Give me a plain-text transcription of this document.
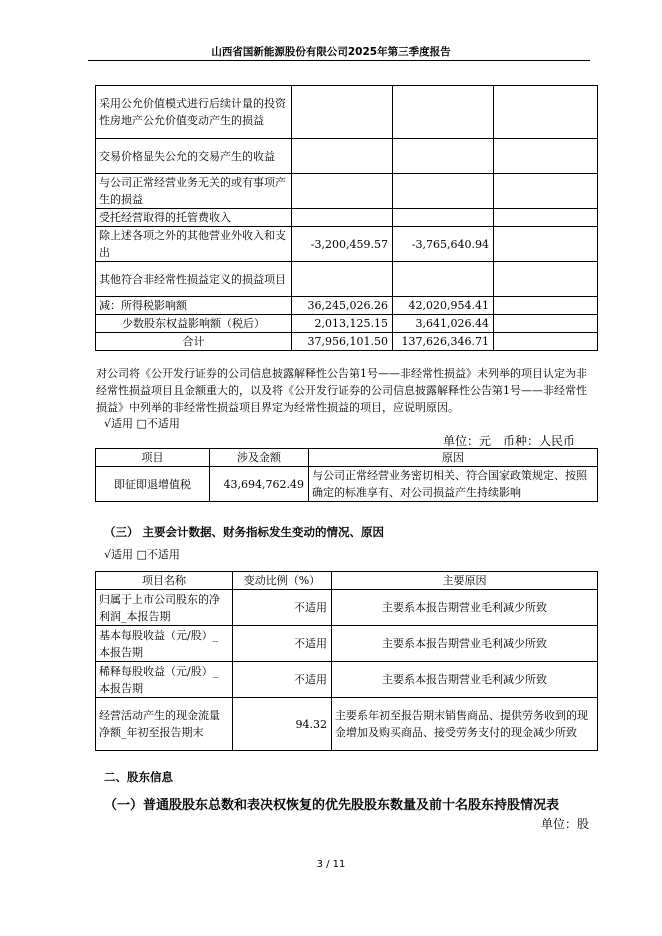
山西省国新能源股份有限公司2025年第三季度报告
采用公允价值模式进行后续计量的投资性房地产公允价值变动产生的损益			
交易价格显失公允的交易产生的收益			
与公司正常经营业务无关的或有事项产生的损益			
受托经营取得的托管费收入			
除上述各项之外的其他营业外收入和支出	-3,200,459.57	-3,765,640.94	
其他符合非经常性损益定义的损益项目			
减：所得税影响额	36,245,026.26	42,020,954.41	
少数股东权益影响额（税后）	2,013,125.15	3,641,026.44	
合计	37,956,101.50	137,626,346.71	
对公司将《公开发行证券的公司信息披露解释性公告第1号——非经常性损益》未列举的项目认定为非经常性损益项目且金额重大的，以及将《公开发行证券的公司信息披露解释性公告第1号——非经常性损益》中列举的非经常性损益项目界定为经常性损益的项目，应说明原因。
√适用 □不适用
单位：元　币种：人民币
项目	涉及金额	原因
即征即退增值税	43,694,762.49	与公司正常经营业务密切相关、符合国家政策规定、按照确定的标准享有、对公司损益产生持续影响
（三） 主要会计数据、财务指标发生变动的情况、原因
√适用 □不适用
项目名称	变动比例（%）	主要原因
归属于上市公司股东的净利润_本报告期	不适用	主要系本报告期营业毛利减少所致
基本每股收益（元/股）_本报告期	不适用	主要系本报告期营业毛利减少所致
稀释每股收益（元/股）_本报告期	不适用	主要系本报告期营业毛利减少所致
经营活动产生的现金流量净额_年初至报告期末	94.32	主要系年初至报告期末销售商品、提供劳务收到的现金增加及购买商品、接受劳务支付的现金减少所致
二、股东信息
（一）普通股股东总数和表决权恢复的优先股股东数量及前十名股东持股情况表
单位：股
3 / 11
